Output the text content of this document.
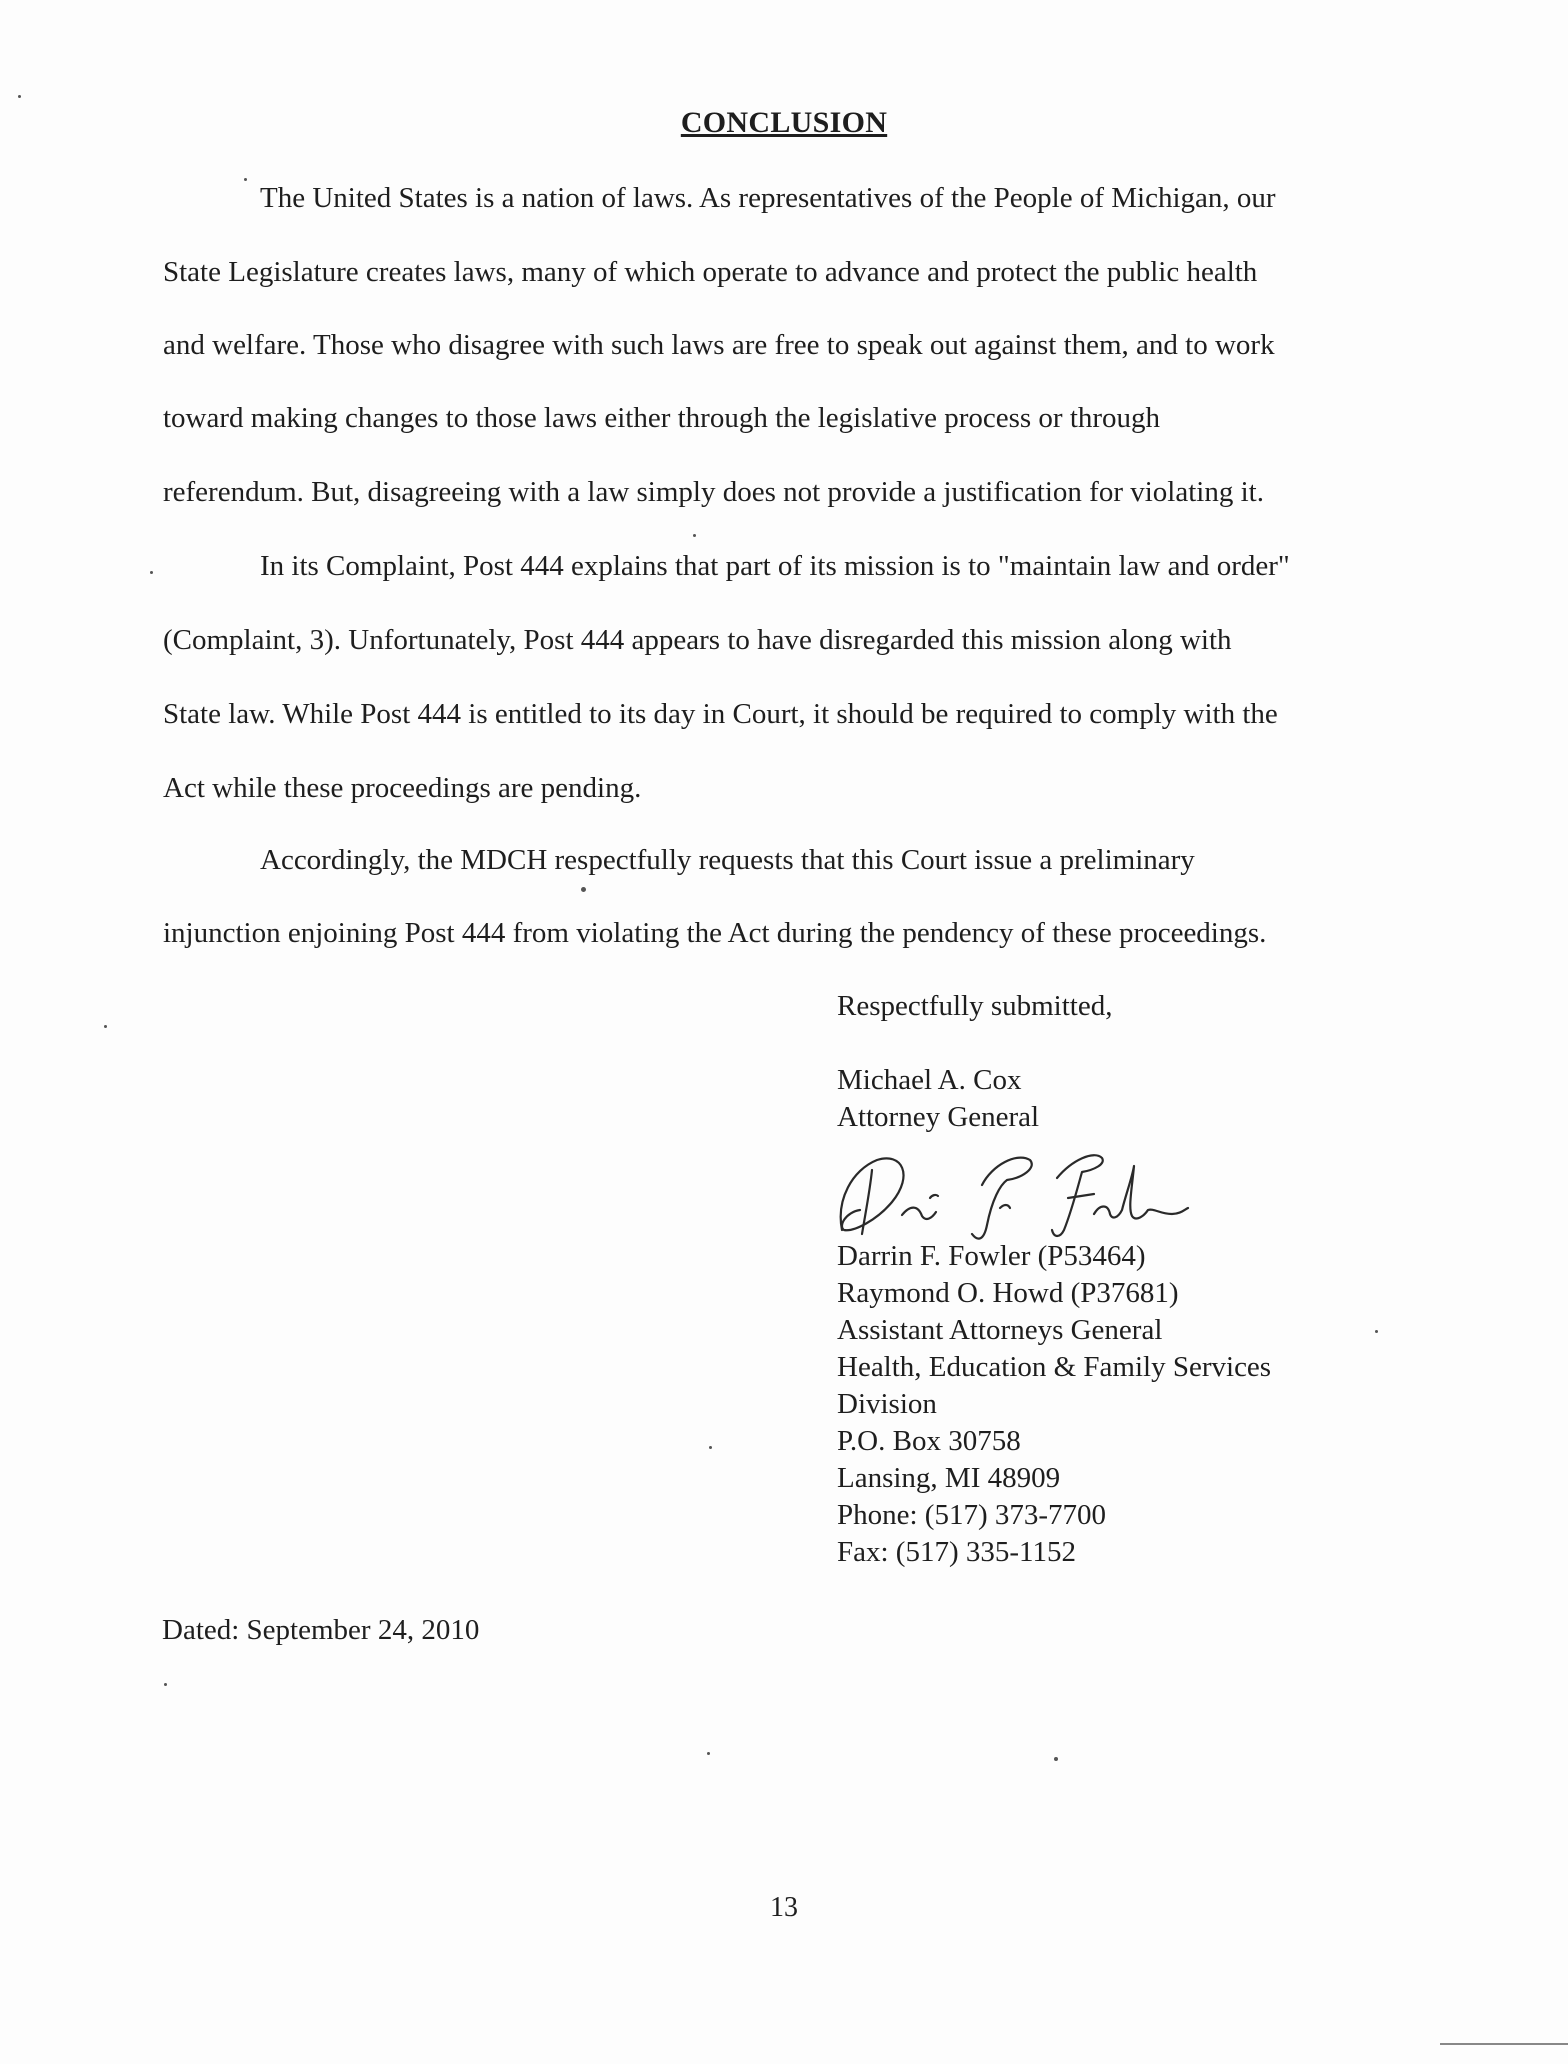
CONCLUSION
The United States is a nation of laws. As representatives of the People of Michigan, our
State Legislature creates laws, many of which operate to advance and protect the public health
and welfare. Those who disagree with such laws are free to speak out against them, and to work
toward making changes to those laws either through the legislative process or through
referendum. But, disagreeing with a law simply does not provide a justification for violating it.
In its Complaint, Post 444 explains that part of its mission is to "maintain law and order"
(Complaint, 3). Unfortunately, Post 444 appears to have disregarded this mission along with
State law. While Post 444 is entitled to its day in Court, it should be required to comply with the
Act while these proceedings are pending.
Accordingly, the MDCH respectfully requests that this Court issue a preliminary
injunction enjoining Post 444 from violating the Act during the pendency of these proceedings.
Respectfully submitted,
Michael A. Cox
Attorney General
Darrin F. Fowler (P53464)
Raymond O. Howd (P37681)
Assistant Attorneys General
Health, Education & Family Services
Division
P.O. Box 30758
Lansing, MI 48909
Phone: (517) 373-7700
Fax: (517) 335-1152
Dated: September 24, 2010
13
